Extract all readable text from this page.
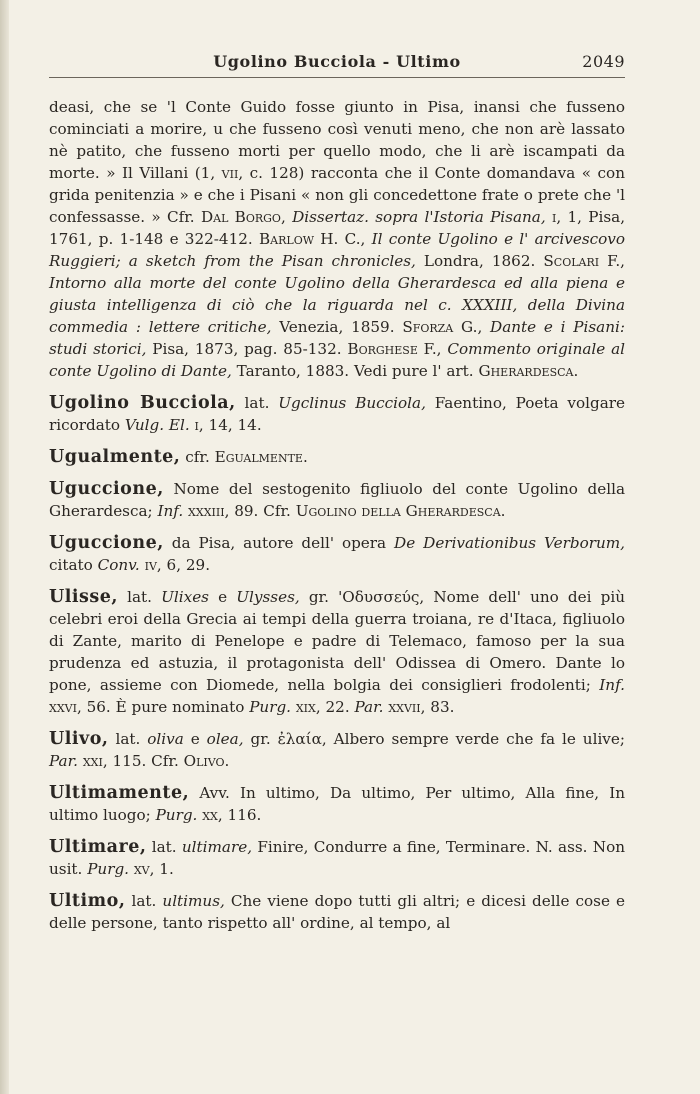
Ugolino Bucciola - Ultimo	2049

deasi, che se 'l Conte Guido fosse giunto in Pisa, inansi che fusseno cominciati a morire, u che fusseno così venuti meno, che non arè lassato nè patito, che fusseno morti per quello modo, che li arè iscampati da morte. » Il Villani (1, vii, c. 128) racconta che il Conte domandava « con grida penitenzia » e che i Pisani « non gli concedettone frate o prete che 'l confessasse. » Cfr. Dal Borgo, Dissertaz. sopra l'Istoria Pisana, i, 1, Pisa, 1761, p. 1-148 e 322-412. Barlow H. C., Il conte Ugolino e l' arcivescovo Ruggieri; a sketch from the Pisan chronicles, Londra, 1862. Scolari F., Intorno alla morte del conte Ugolino della Gherardesca ed alla piena e giusta intelligenza di ciò che la riguarda nel c. XXXIII, della Divina commedia : lettere critiche, Venezia, 1859. Sforza G., Dante e i Pisani: studi storici, Pisa, 1873, pag. 85-132. Borghese F., Commento originale al conte Ugolino di Dante, Taranto, 1883. Vedi pure l' art. Gherardesca.

Ugolino Bucciola, lat. Ugclinus Bucciola, Faentino, Poeta volgare ricordato Vulg. El. i, 14, 14.

Ugualmente, cfr. Egualmente.

Uguccione, Nome del sestogenito figliuolo del conte Ugolino della Gherardesca; Inf. xxxiii, 89. Cfr. Ugolino della Gherardesca.

Uguccione, da Pisa, autore dell' opera De Derivationibus Verborum, citato Conv. iv, 6, 29.

Ulisse, lat. Ulixes e Ulysses, gr. 'Οδυσσεύς, Nome dell' uno dei più celebri eroi della Grecia ai tempi della guerra troiana, re d'Itaca, figliuolo di Zante, marito di Penelope e padre di Telemaco, famoso per la sua prudenza ed astuzia, il protagonista dell' Odissea di Omero. Dante lo pone, assieme con Diomede, nella bolgia dei consiglieri frodolenti; Inf. xxvi, 56. È pure nominato Purg. xix, 22. Par. xxvii, 83.

Ulivo, lat. oliva e olea, gr. ἐλαία, Albero sempre verde che fa le ulive; Par. xxi, 115. Cfr. Olivo.

Ultimamente, Avv. In ultimo, Da ultimo, Per ultimo, Alla fine, In ultimo luogo; Purg. xx, 116.

Ultimare, lat. ultimare, Finire, Condurre a fine, Terminare. N. ass. Non usit. Purg. xv, 1.

Ultimo, lat. ultimus, Che viene dopo tutti gli altri; e dicesi delle cose e delle persone, tanto rispetto all' ordine, al tempo, al
